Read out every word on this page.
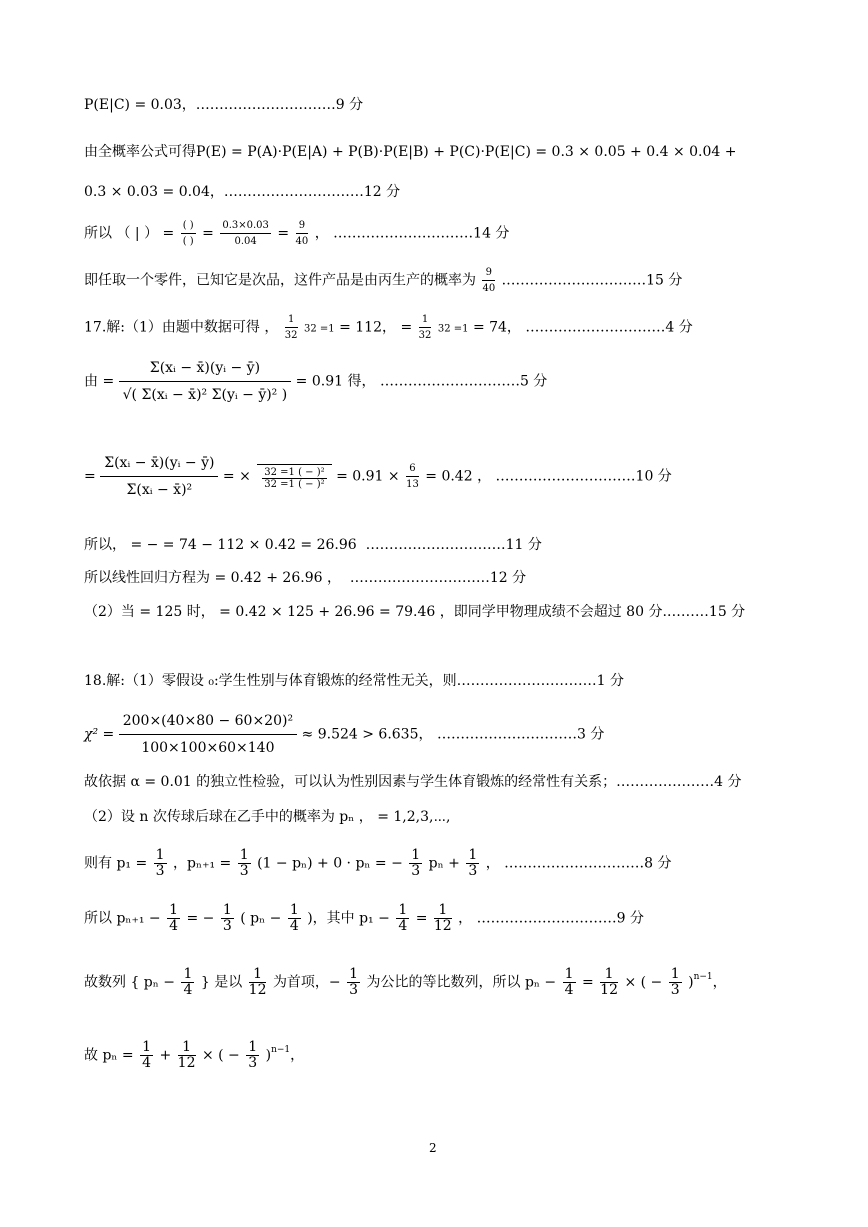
P(E|C) = 0.03，…………………………9 分
由全概率公式可得P(E) = P(A)·P(E|A) + P(B)·P(E|B) + P(C)·P(E|C) = 0.3 × 0.05 + 0.4 × 0.04 +
0.3 × 0.03 = 0.04，…………………………12 分
所以 （ | ） = $\frac{( )}{( )} = \frac{0.3\times 0.03}{0.04} = \frac{9}{40}$ ， …………………………14 分
即任取一个零件，已知它是次品，这件产品是由丙生产的概率为 $\frac{9}{40}$ .…………………………15 分
17.解:（1）由题中数据可得 ， $\frac{1}{32} 32 =1 = 112$， = $\frac{1}{32} 32 =1 = 74$， …………………………4 分
由 = $\frac{\text{Σ(xᵢ − x̄)(yᵢ − ȳ)}}{\text{√( Σ(xᵢ − x̄)² Σ(yᵢ − ȳ)² )}} = 0.91$ 得， …………………………5 分
= $\frac{\text{Σ(xᵢ − x̄)(yᵢ − ȳ)}}{\text{Σ(xᵢ − x̄)²}}$ = × $\frac{\text{32 =1 ( − )²}}{\text{32 =1 ( − )²}} = 0.91 \times \frac{6}{13} = 0.42$ ， …………………………10 分
所以， = − = 74 − 112 × 0.42 = 26.96 …………………………11 分
所以线性回归方程为 = 0.42 + 26.96 ， …………………………12 分
（2）当 = 125 时， = 0.42 × 125 + 26.96 = 79.46 ，即同学甲物理成绩不会超过 80 分.………15 分
18.解:（1）零假设 ₀:学生性别与体育锻炼的经常性无关，则…………………………1 分
$\chi^2 = \frac{\text{200×(40×80 − 60×20)²}}{100\times 100\times 60\times 140} \approx 9.524 > 6.635$， …………………………3 分
故依据 α = 0.01 的独立性检验，可以认为性别因素与学生体育锻炼的经常性有关系；…………………4 分
（2）设 n 次传球后球在乙手中的概率为 pₙ ， = 1,2,3,⋯,
则有 $p_1 = \frac{1}{3}$ ，$p_{n+1} = \frac{1}{3} (1 - p_n) + 0 \cdot p_n$ = − $\frac{1}{3}$ $p_n + \frac{1}{3}$ ， …………………………8 分
所以 $p_{n+1} - \frac{1}{4}$ = − $\frac{1}{3}$ ( $p_n - \frac{1}{4}$ )，其中 $p_1 - \frac{1}{4} = \frac{1}{12}$ ， …………………………9 分
故数列 { $p_n - \frac{1}{4}$ } 是以 $\frac{1}{12}$ 为首项，− $\frac{1}{3}$ 为公比的等比数列，所以 $p_n - \frac{1}{4} = \frac{1}{12}$ × ( − $\frac{1}{3} )^{n-1}$，
故 $p_n = \frac{1}{4} + \frac{1}{12}$ × ( − $\frac{1}{3} )^{n-1}$，
2
